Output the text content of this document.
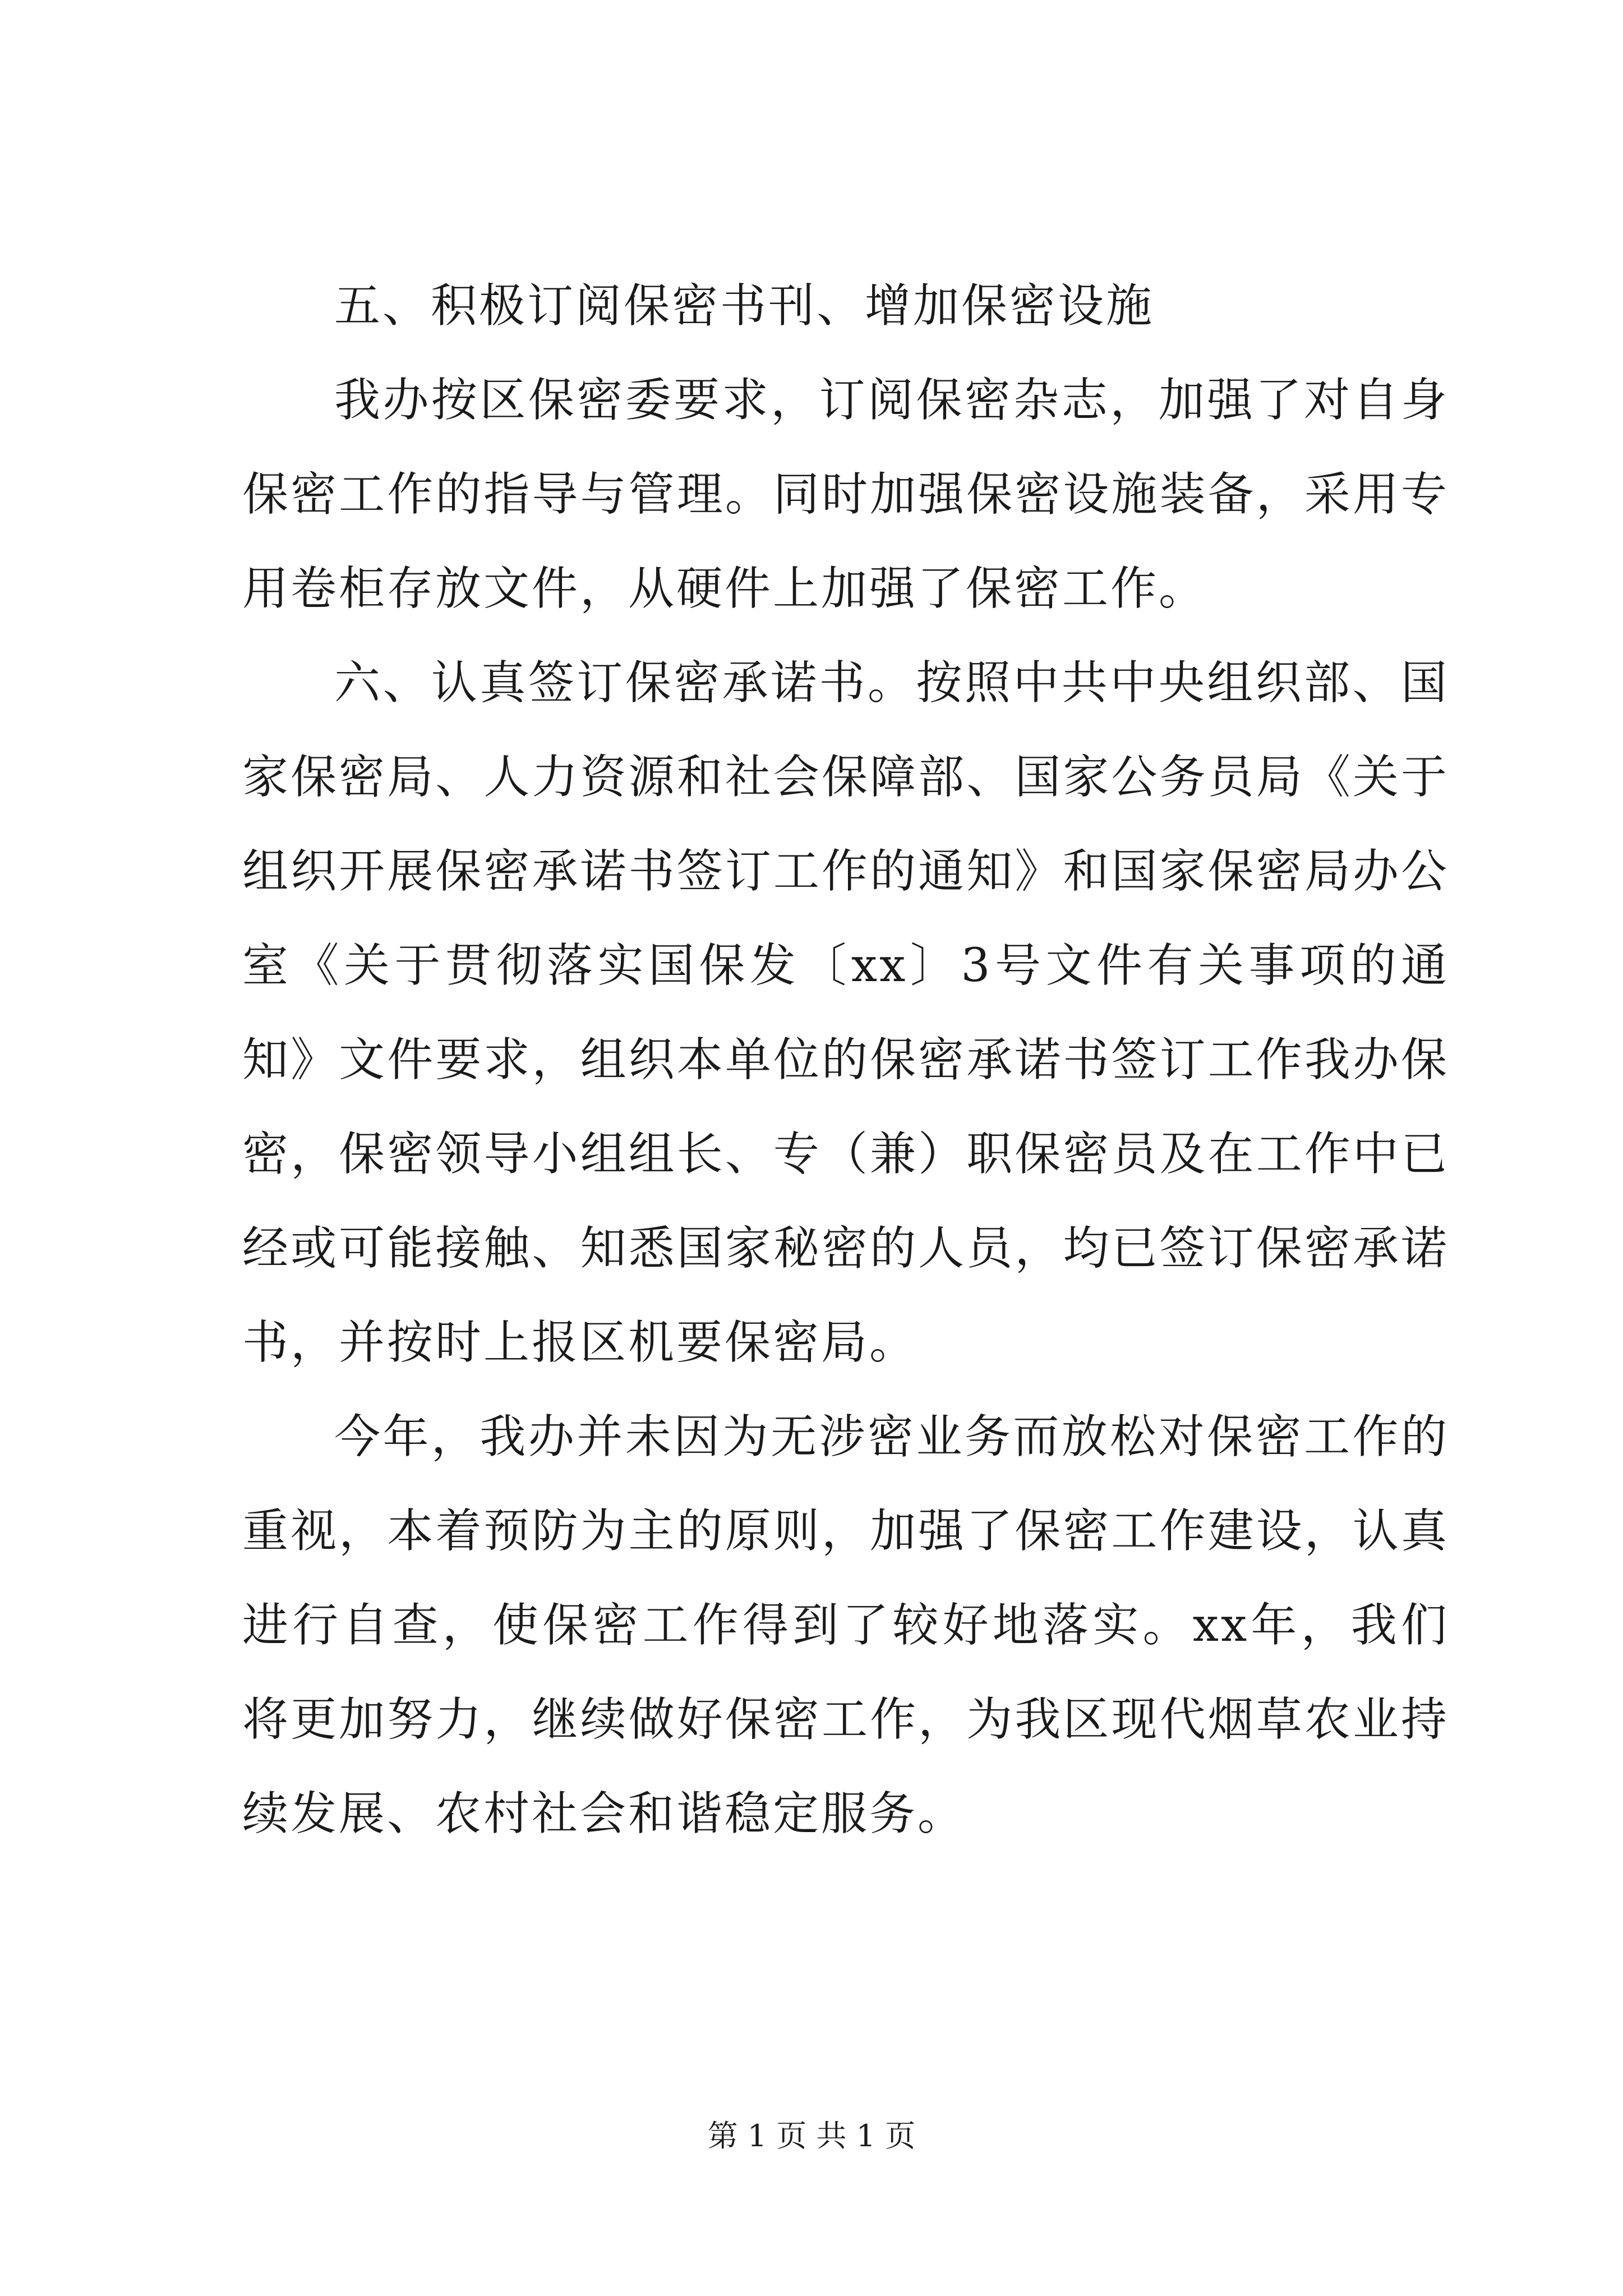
五、积极订阅保密书刊、增加保密设施

我办按区保密委要求，订阅保密杂志，加强了对自身保密工作的指导与管理。同时加强保密设施装备，采用专用卷柜存放文件，从硬件上加强了保密工作。

六、认真签订保密承诺书。按照中共中央组织部、国家保密局、人力资源和社会保障部、国家公务员局《关于组织开展保密承诺书签订工作的通知》和国家保密局办公室《关于贯彻落实国保发〔xx〕3号文件有关事项的通知》文件要求，组织本单位的保密承诺书签订工作我办保密，保密领导小组组长、专（兼）职保密员及在工作中已经或可能接触、知悉国家秘密的人员，均已签订保密承诺书，并按时上报区机要保密局。

今年，我办并未因为无涉密业务而放松对保密工作的重视，本着预防为主的原则，加强了保密工作建设，认真进行自查，使保密工作得到了较好地落实。xx年，我们将更加努力，继续做好保密工作，为我区现代烟草农业持续发展、农村社会和谐稳定服务。

第 1 页 共 1 页
